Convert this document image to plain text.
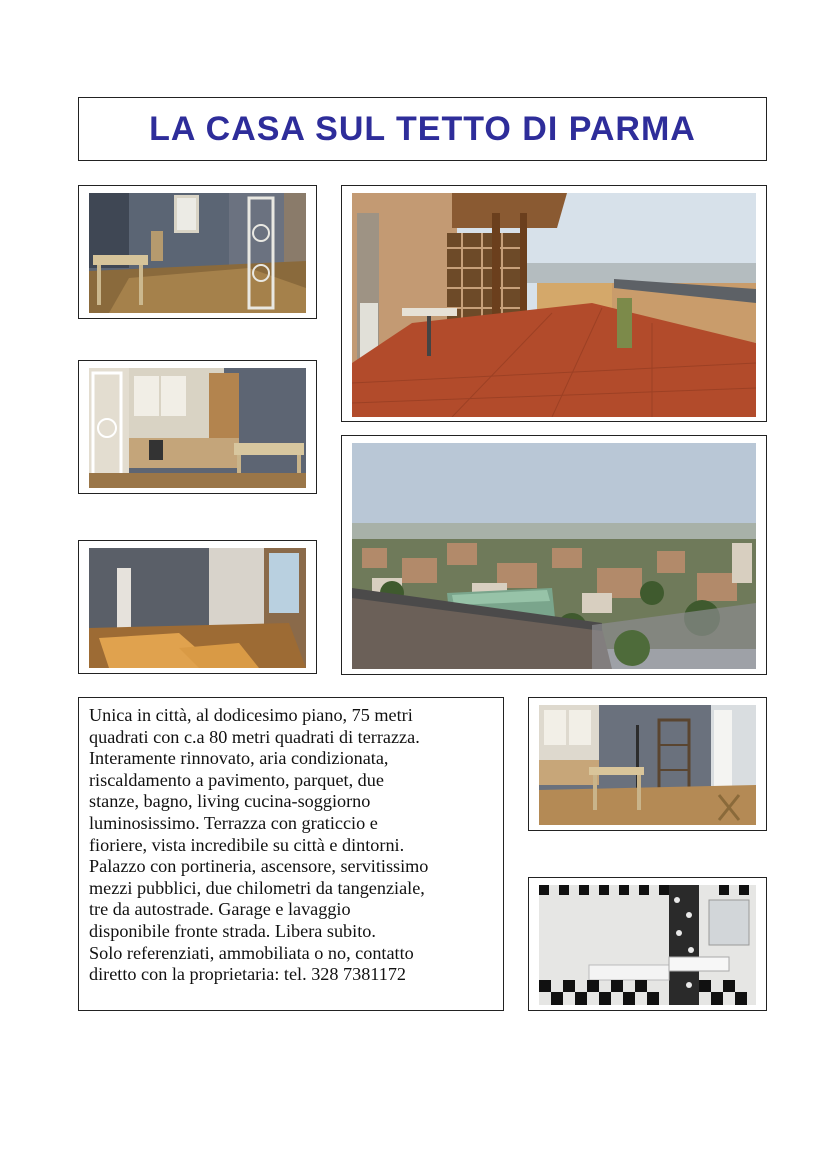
LA CASA SUL TETTO DI PARMA

Unica in città, al dodicesimo piano, 75 metri
quadrati con c.a 80 metri quadrati di terrazza.
Interamente rinnovato, aria condizionata,
riscaldamento a pavimento, parquet, due
stanze, bagno, living cucina-soggiorno
luminosissimo. Terrazza con graticcio e
fioriere, vista incredibile su città e dintorni.
Palazzo con portineria, ascensore, servitissimo
mezzi pubblici, due chilometri da tangenziale,
tre da autostrade. Garage e lavaggio
disponibile fronte strada. Libera subito.
Solo referenziati, ammobiliata o no, contatto
diretto con la proprietaria: tel. 328 7381172
